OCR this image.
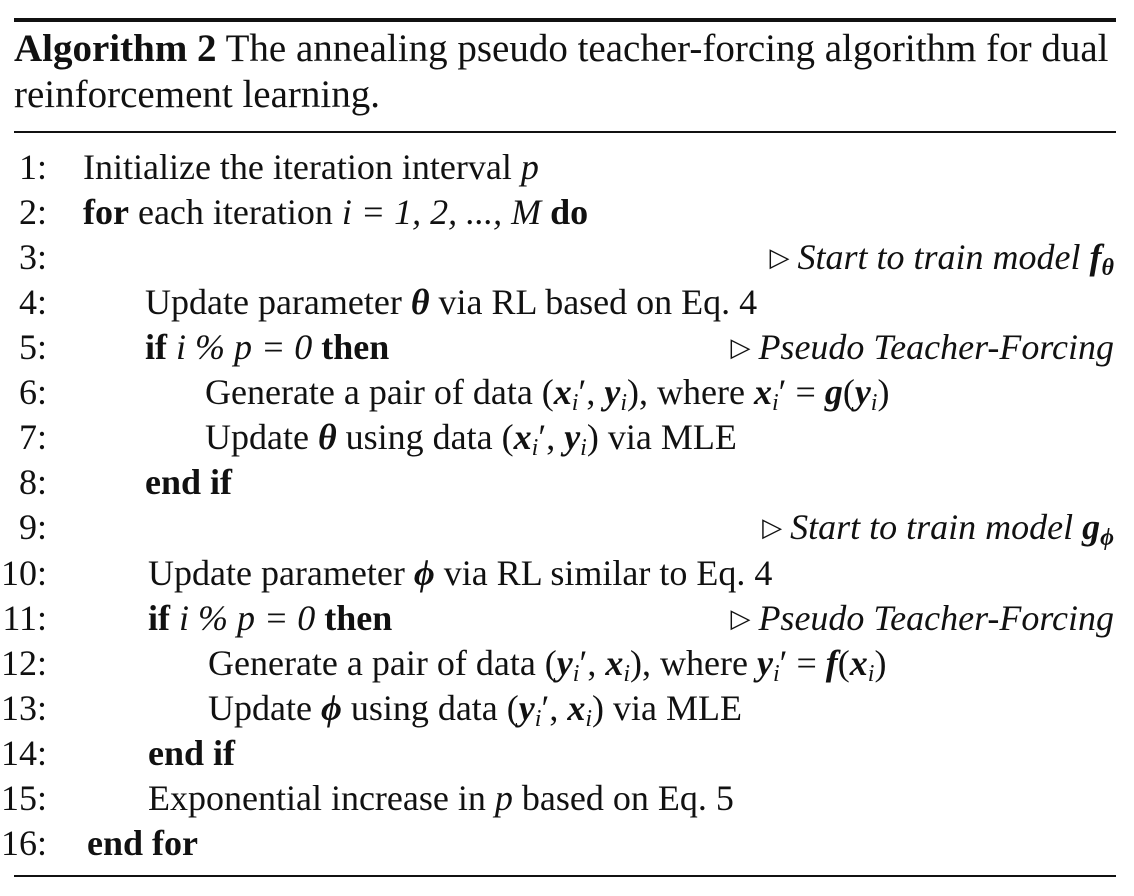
Algorithm 2 The annealing pseudo teacher-forcing algorithm for dual reinforcement learning.
1: Initialize the iteration interval p
2: for each iteration i = 1, 2, ..., M do
3:	▷ Start to train model fθ
4:	Update parameter θ via RL based on Eq. 4
5:	if i % p = 0 then	▷ Pseudo Teacher-Forcing
6:	Generate a pair of data ($x_i'$, $y_i$), where $x_i' = g(y_i)$
7:	Update θ using data ($x_i'$, $y_i$) via MLE
8:	end if
9:	▷ Start to train model gϕ
10:	Update parameter ϕ via RL similar to Eq. 4
11:	if i % p = 0 then	▷ Pseudo Teacher-Forcing
12:	Generate a pair of data ($y_i'$, $x_i$), where $y_i' = f(x_i)$
13:	Update ϕ using data ($y_i'$, $x_i$) via MLE
14:	end if
15:	Exponential increase in p based on Eq. 5
16: end for
